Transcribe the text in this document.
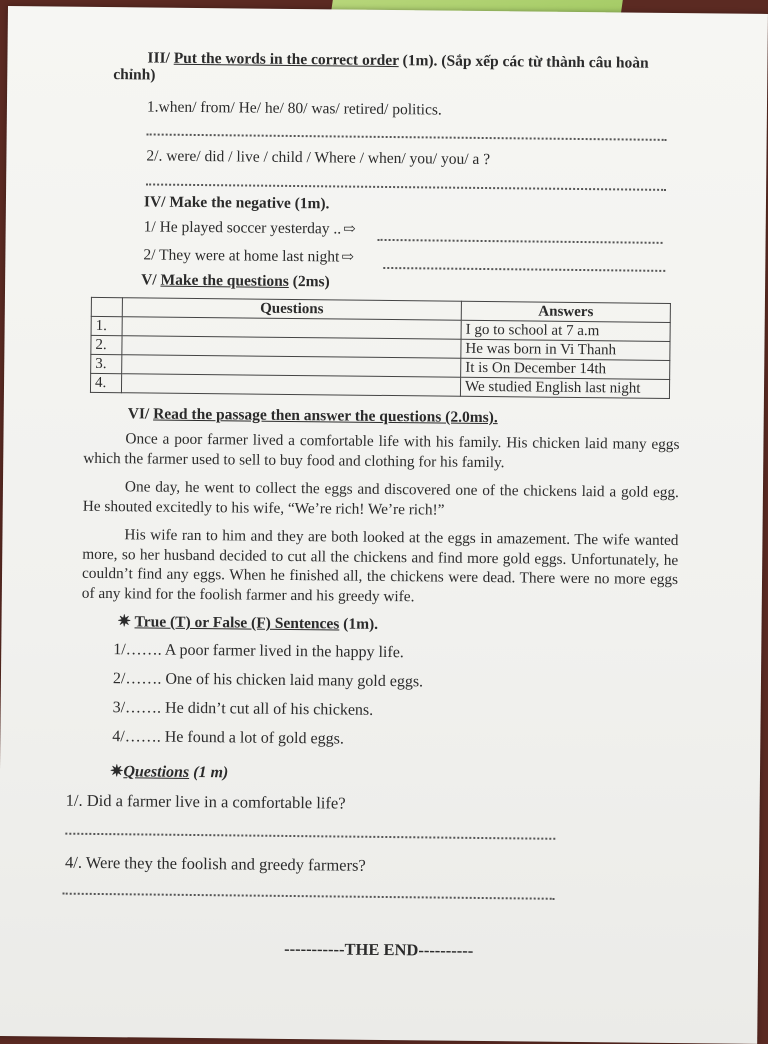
III/ Put the words in the correct order (1m). (Sắp xếp các từ thành câu hoàn
chỉnh)
1.when/ from/ He/ he/ 80/ was/ retired/ politics.
2/. were/ did / live / child / Where / when/ you/ you/ a ?
IV/ Make the negative (1m).
1/ He played soccer yesterday .. ⇨
2/ They were at home last night ⇨
V/ Make the questions (2ms)
	Questions	Answers
1.		I go to school at 7 a.m
2.		He was born in Vi Thanh
3.		It is On December 14th
4.		We studied English last night
VI/ Read the passage then answer the questions (2.0ms).

Once a poor farmer lived a comfortable life with his family. His chicken laid many eggs which the farmer used to sell to buy food and clothing for his family.

One day, he went to collect the eggs and discovered one of the chickens laid a gold egg. He shouted excitedly to his wife, “We’re rich! We’re rich!”

His wife ran to him and they are both looked at the eggs in amazement. The wife wanted more, so her husband decided to cut all the chickens and find more gold eggs. Unfortunately, he couldn’t find any eggs. When he finished all, the chickens were dead. There were no more eggs of any kind for the foolish farmer and his greedy wife.

✷ True (T) or False (F) Sentences (1m).
1/……. A poor farmer lived in the happy life.
2/……. One of his chicken laid many gold eggs.
3/……. He didn’t cut all of his chickens.
4/……. He found a lot of gold eggs.
✷Questions (1 m)
1/. Did a farmer live in a comfortable life?
4/. Were they the foolish and greedy farmers?
-----------THE END----------
